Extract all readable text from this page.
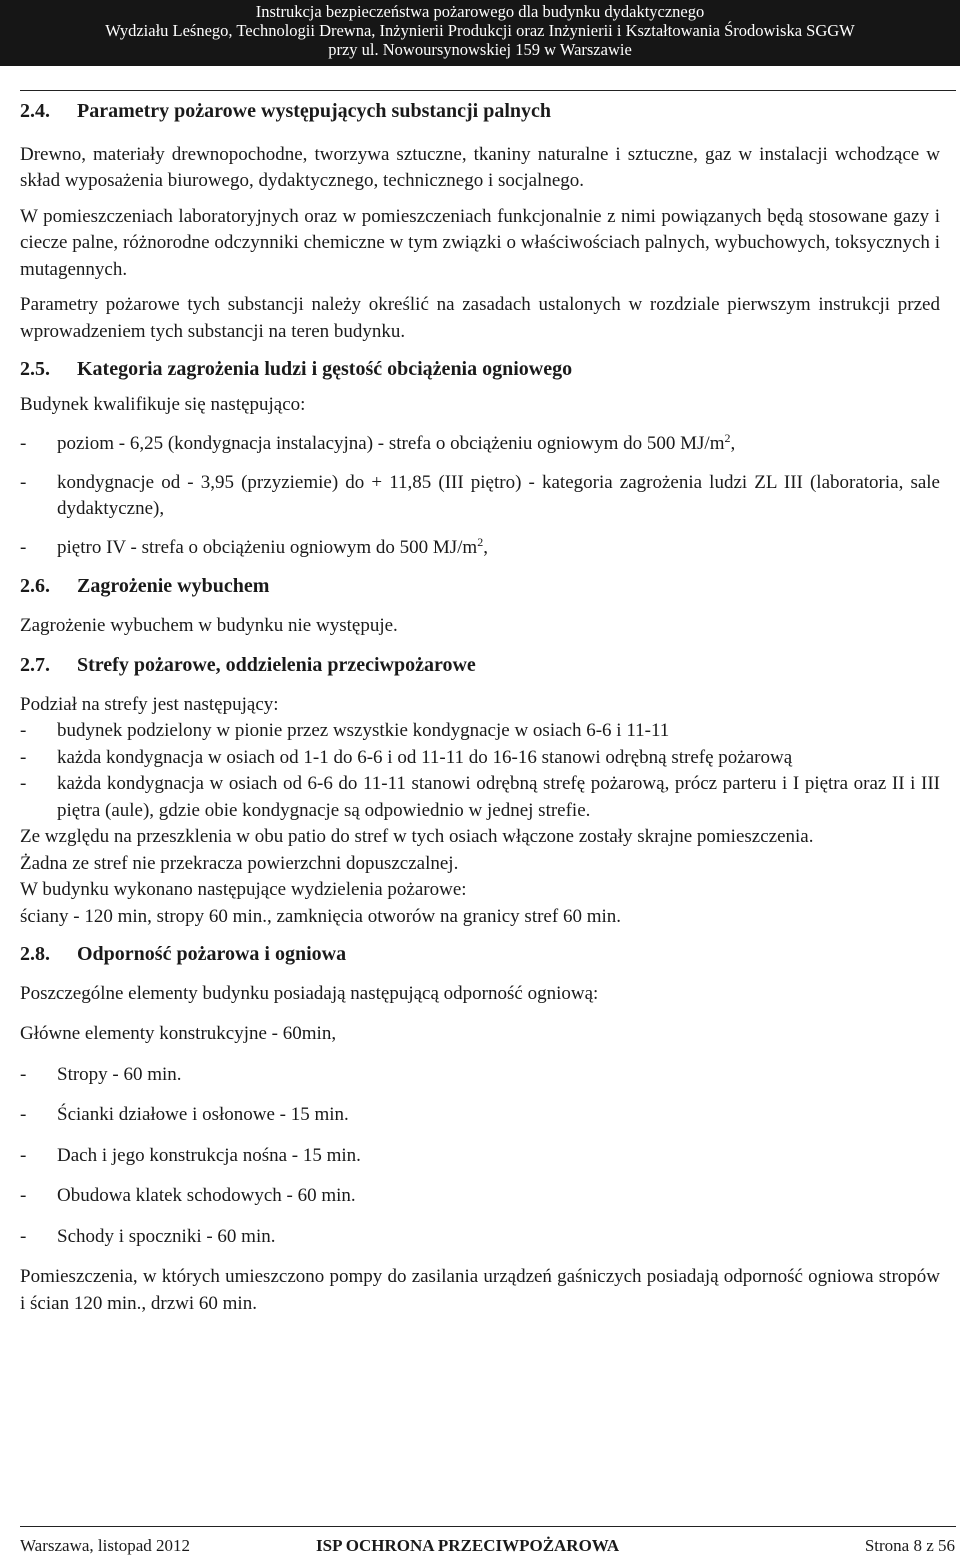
Instrukcja bezpieczeństwa pożarowego dla budynku dydaktycznego
Wydziału Leśnego, Technologii Drewna, Inżynierii Produkcji oraz Inżynierii i Kształtowania Środowiska SGGW
przy ul. Nowoursynowskiej 159 w Warszawie

2.4. Parametry pożarowe występujących substancji palnych

Drewno, materiały drewnopochodne, tworzywa sztuczne, tkaniny naturalne i sztuczne, gaz w instalacji wchodzące w skład wyposażenia biurowego, dydaktycznego, technicznego i socjalnego.

W pomieszczeniach laboratoryjnych oraz w pomieszczeniach funkcjonalnie z nimi powiązanych będą stosowane gazy i ciecze palne, różnorodne odczynniki chemiczne w tym związki o właściwościach palnych, wybuchowych, toksycznych i mutagennych.

Parametry pożarowe tych substancji należy określić na zasadach ustalonych w rozdziale pierwszym instrukcji przed wprowadzeniem tych substancji na teren budynku.

2.5. Kategoria zagrożenia ludzi i gęstość obciążenia ogniowego

Budynek kwalifikuje się następująco:

- poziom - 6,25 (kondygnacja instalacyjna) - strefa o obciążeniu ogniowym do 500 $MJ/m^2$,
- kondygnacje od - 3,95 (przyziemie) do + 11,85 (III piętro) - kategoria zagrożenia ludzi ZL III (laboratoria, sale dydaktyczne),
- piętro IV - strefa o obciążeniu ogniowym do 500 $MJ/m^2$,

2.6. Zagrożenie wybuchem

Zagrożenie wybuchem w budynku nie występuje.

2.7. Strefy pożarowe, oddzielenia przeciwpożarowe

Podział na strefy jest następujący:

- budynek podzielony w pionie przez wszystkie kondygnacje w osiach 6-6 i 11-11
- każda kondygnacja w osiach od 1-1 do 6-6 i od 11-11 do 16-16 stanowi odrębną strefę pożarową
- każda kondygnacja w osiach od 6-6 do 11-11 stanowi odrębną strefę pożarową, prócz parteru i I piętra oraz II i III piętra (aule), gdzie obie kondygnacje są odpowiednio w jednej strefie.

Ze względu na przeszklenia w obu patio do stref w tych osiach włączone zostały skrajne pomieszczenia.

Żadna ze stref nie przekracza powierzchni dopuszczalnej.

W budynku wykonano następujące wydzielenia pożarowe:

ściany - 120 min, stropy 60 min., zamknięcia otworów na granicy stref 60 min.

2.8. Odporność pożarowa i ogniowa

Poszczególne elementy budynku posiadają następującą odporność ogniową:

Główne elementy konstrukcyjne - 60min,

- Stropy - 60 min.
- Ścianki działowe i osłonowe - 15 min.
- Dach i jego konstrukcja nośna - 15 min.
- Obudowa klatek schodowych - 60 min.
- Schody i spoczniki - 60 min.

Pomieszczenia, w których umieszczono pompy do zasilania urządzeń gaśniczych posiadają odporność ogniowa stropów i ścian 120 min., drzwi 60 min.

Warszawa, listopad 2012	ISP OCHRONA PRZECIWPOŻAROWA	Strona 8 z 56
